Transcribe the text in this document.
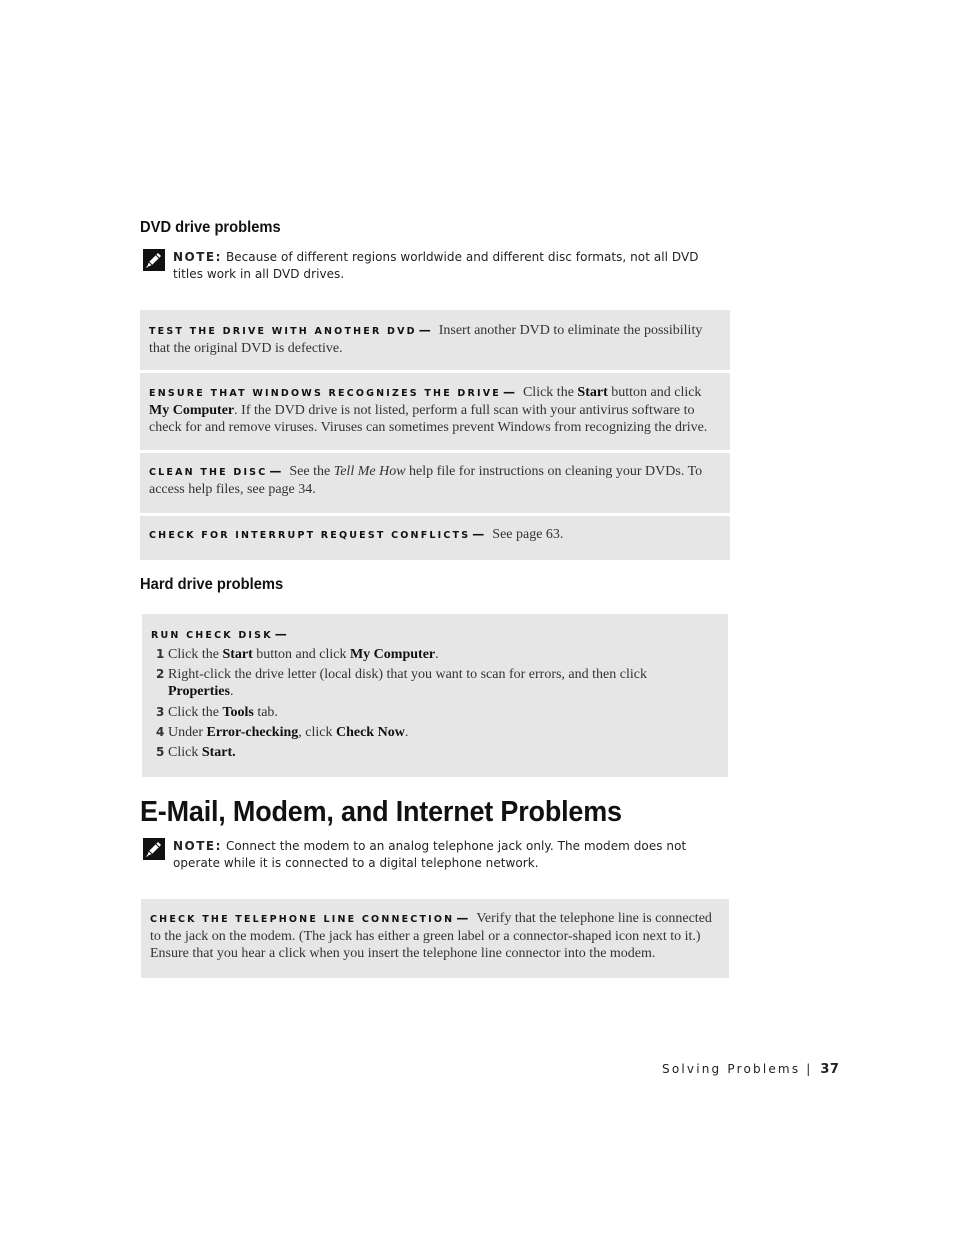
DVD drive problems
NOTE: Because of different regions worldwide and different disc formats, not all DVD titles work in all DVD drives.
TEST THE DRIVE WITH ANOTHER DVD — Insert another DVD to eliminate the possibility that the original DVD is defective.
ENSURE THAT WINDOWS RECOGNIZES THE DRIVE — Click the Start button and click My Computer. If the DVD drive is not listed, perform a full scan with your antivirus software to check for and remove viruses. Viruses can sometimes prevent Windows from recognizing the drive.
CLEAN THE DISC — See the Tell Me How help file for instructions on cleaning your DVDs. To access help files, see page 34.
CHECK FOR INTERRUPT REQUEST CONFLICTS — See page 63.
Hard drive problems
RUN CHECK DISK —
1 Click the Start button and click My Computer.
2 Right-click the drive letter (local disk) that you want to scan for errors, and then click
Properties.
3 Click the Tools tab.
4 Under Error-checking, click Check Now.
5 Click Start.
E-Mail, Modem, and Internet Problems
NOTE: Connect the modem to an analog telephone jack only. The modem does not operate while it is connected to a digital telephone network.
CHECK THE TELEPHONE LINE CONNECTION — Verify that the telephone line is connected to the jack on the modem. (The jack has either a green label or a connector-shaped icon next to it.) Ensure that you hear a click when you insert the telephone line connector into the modem.
Solving Problems | 37
